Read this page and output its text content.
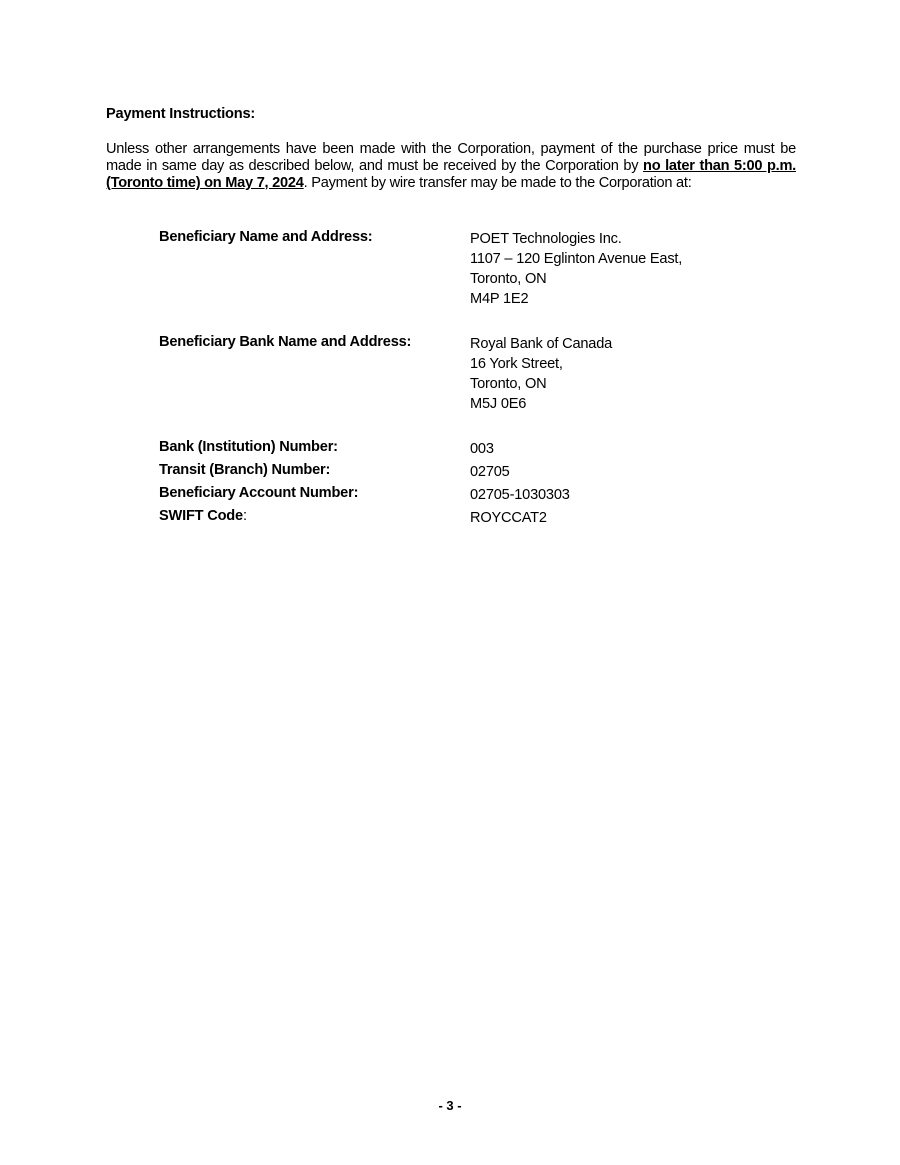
Payment Instructions:

Unless other arrangements have been made with the Corporation, payment of the purchase price must be made in same day as described below, and must be received by the Corporation by no later than 5:00 p.m. (Toronto time) on May 7, 2024. Payment by wire transfer may be made to the Corporation at:

Beneficiary Name and Address:	POET Technologies Inc.
1107 – 120 Eglinton Avenue East,
Toronto, ON
M4P 1E2
Beneficiary Bank Name and Address:	Royal Bank of Canada
16 York Street,
Toronto, ON
M5J 0E6
Bank (Institution) Number:	003
Transit (Branch) Number:	02705
Beneficiary Account Number:	02705-1030303
SWIFT Code:	ROYCCAT2
- 3 -
